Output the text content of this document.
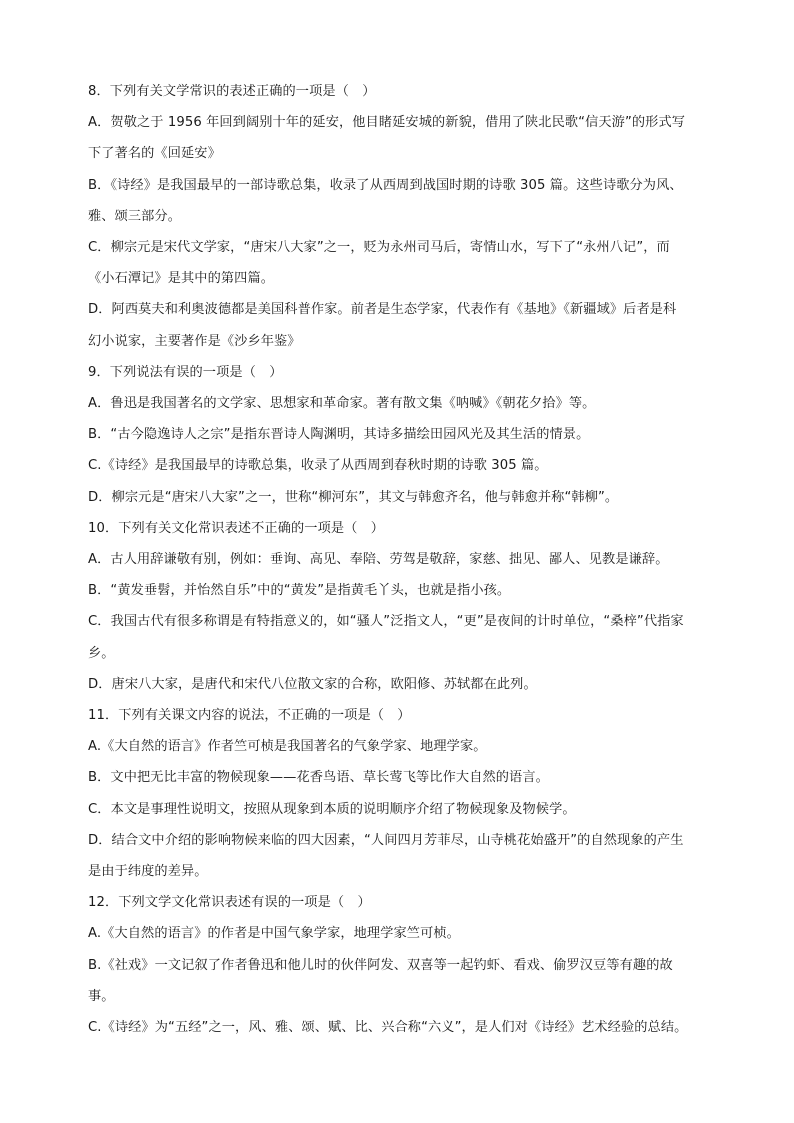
8．下列有关文学常识的表述正确的一项是（　）

A．贺敬之于 1956 年回到阔别十年的延安，他目睹延安城的新貌，借用了陕北民歌“信天游”的形式写
下了著名的《回延安》

B．《诗经》是我国最早的一部诗歌总集，收录了从西周到战国时期的诗歌 305 篇。这些诗歌分为风、
雅、颂三部分。

C．柳宗元是宋代文学家，“唐宋八大家”之一，贬为永州司马后，寄情山水，写下了“永州八记”，而
《小石潭记》是其中的第四篇。

D．阿西莫夫和利奥波德都是美国科普作家。前者是生态学家，代表作有《基地》《新疆域》后者是科
幻小说家，主要著作是《沙乡年鉴》

9．下列说法有误的一项是（　）

A．鲁迅是我国著名的文学家、思想家和革命家。著有散文集《呐喊》《朝花夕拾》等。

B．“古今隐逸诗人之宗”是指东晋诗人陶渊明，其诗多描绘田园风光及其生活的情景。

C.《诗经》是我国最早的诗歌总集，收录了从西周到春秋时期的诗歌 305 篇。

D．柳宗元是“唐宋八大家”之一，世称“柳河东”，其文与韩愈齐名，他与韩愈并称“韩柳”。

10．下列有关文化常识表述不正确的一项是（　）

A．古人用辞谦敬有别，例如：垂询、高见、奉陪、劳驾是敬辞，家慈、拙见、鄙人、见教是谦辞。

B．“黄发垂髫，并怡然自乐”中的“黄发”是指黄毛丫头，也就是指小孩。

C．我国古代有很多称谓是有特指意义的，如“骚人”泛指文人，“更”是夜间的计时单位，“桑梓”代指家
乡。

D．唐宋八大家，是唐代和宋代八位散文家的合称，欧阳修、苏轼都在此列。

11．下列有关课文内容的说法，不正确的一项是（　）

A.《大自然的语言》作者竺可桢是我国著名的气象学家、地理学家。

B．文中把无比丰富的物候现象——花香鸟语、草长莺飞等比作大自然的语言。

C．本文是事理性说明文，按照从现象到本质的说明顺序介绍了物候现象及物候学。

D．结合文中介绍的影响物候来临的四大因素，“人间四月芳菲尽，山寺桃花始盛开”的自然现象的产生
是由于纬度的差异。

12．下列文学文化常识表述有误的一项是（　）

A.《大自然的语言》的作者是中国气象学家，地理学家竺可桢。

B.《社戏》一文记叙了作者鲁迅和他儿时的伙伴阿发、双喜等一起钓虾、看戏、偷罗汉豆等有趣的故
事。

C.《诗经》为“五经”之一，风、雅、颂、赋、比、兴合称“六义”，是人们对《诗经》艺术经验的总结。
